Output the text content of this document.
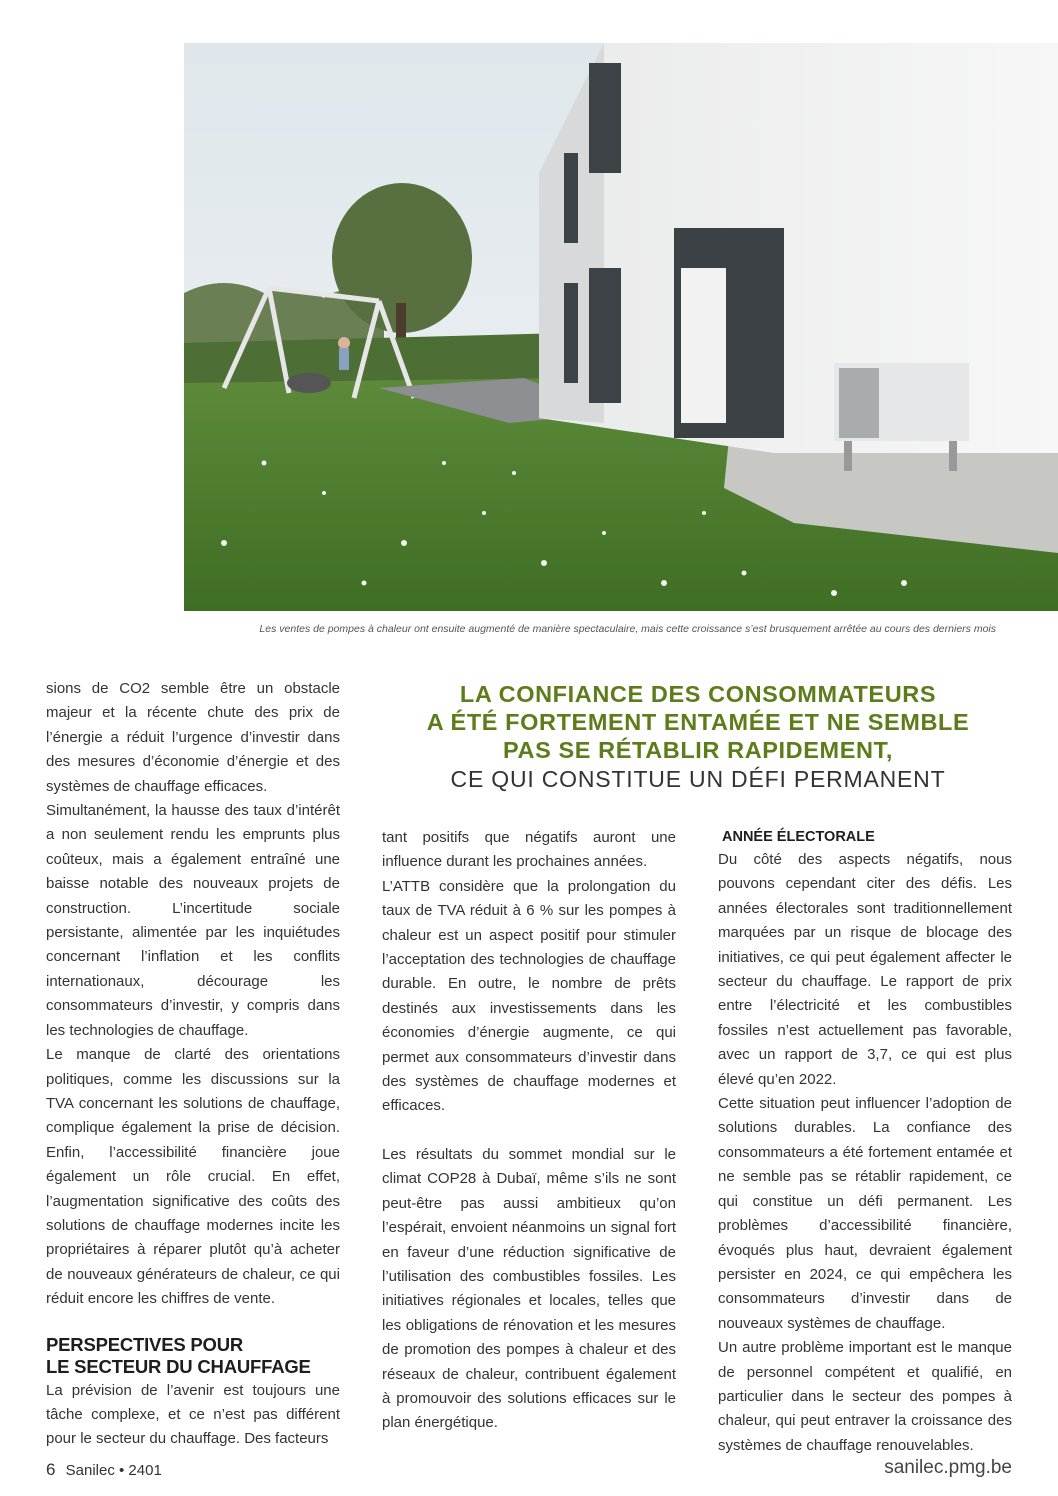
Les ventes de pompes à chaleur ont ensuite augmenté de manière spectaculaire, mais cette croissance s’est brusquement arrêtée au cours des derniers mois
LA CONFIANCE DES CONSOMMATEURS
A ÉTÉ FORTEMENT ENTAMÉE ET NE SEMBLE
PAS SE RÉTABLIR RAPIDEMENT,
CE QUI CONSTITUE UN DÉFI PERMANENT

sions de CO2 semble être un obstacle majeur et la récente chute des prix de l’énergie a réduit l’urgence d’investir dans des mesures d’économie d’énergie et des systèmes de chauffage efficaces.

Simultanément, la hausse des taux d’intérêt a non seulement rendu les emprunts plus coûteux, mais a également entraîné une baisse notable des nouveaux projets de construction. L’incertitude sociale persistante, alimentée par les inquiétudes concernant l’inflation et les conflits internationaux, décourage les consommateurs d’investir, y compris dans les technologies de chauffage.

Le manque de clarté des orientations politiques, comme les discussions sur la TVA concernant les solutions de chauffage, complique également la prise de décision. Enfin, l’accessibilité financière joue également un rôle crucial. En effet, l’augmentation significative des coûts des solutions de chauffage modernes incite les propriétaires à réparer plutôt qu’à acheter de nouveaux générateurs de chaleur, ce qui réduit encore les chiffres de vente.

PERSPECTIVES POUR
LE SECTEUR DU CHAUFFAGE

La prévision de l’avenir est toujours une tâche complexe, et ce n’est pas différent pour le secteur du chauffage. Des facteurs

tant positifs que négatifs auront une influence durant les prochaines années.

L’ATTB considère que la prolongation du taux de TVA réduit à 6 % sur les pompes à chaleur est un aspect positif pour stimuler l’acceptation des technologies de chauffage durable. En outre, le nombre de prêts destinés aux investissements dans les économies d’énergie augmente, ce qui permet aux consommateurs d’investir dans des systèmes de chauffage modernes et efficaces.

Les résultats du sommet mondial sur le climat COP28 à Dubaï, même s’ils ne sont peut-être pas aussi ambitieux qu’on l’espérait, envoient néanmoins un signal fort en faveur d’une réduction significative de l’utilisation des combustibles fossiles. Les initiatives régionales et locales, telles que les obligations de rénovation et les mesures de promotion des pompes à chaleur et des réseaux de chaleur, contribuent également à promouvoir des solutions efficaces sur le plan énergétique.

ANNÉE ÉLECTORALE

Du côté des aspects négatifs, nous pouvons cependant citer des défis. Les années électorales sont traditionnellement marquées par un risque de blocage des initiatives, ce qui peut également affecter le secteur du chauffage. Le rapport de prix entre l’électricité et les combustibles fossiles n’est actuellement pas favorable, avec un rapport de 3,7, ce qui est plus élevé qu’en 2022.

Cette situation peut influencer l’adoption de solutions durables. La confiance des consommateurs a été fortement entamée et ne semble pas se rétablir rapidement, ce qui constitue un défi permanent. Les problèmes d’accessibilité financière, évoqués plus haut, devraient également persister en 2024, ce qui empêchera les consommateurs d’investir dans de nouveaux systèmes de chauffage.

Un autre problème important est le manque de personnel compétent et qualifié, en particulier dans le secteur des pompes à chaleur, qui peut entraver la croissance des systèmes de chauffage renouvelables.

6 Sanilec • 2401	sanilec.pmg.be
